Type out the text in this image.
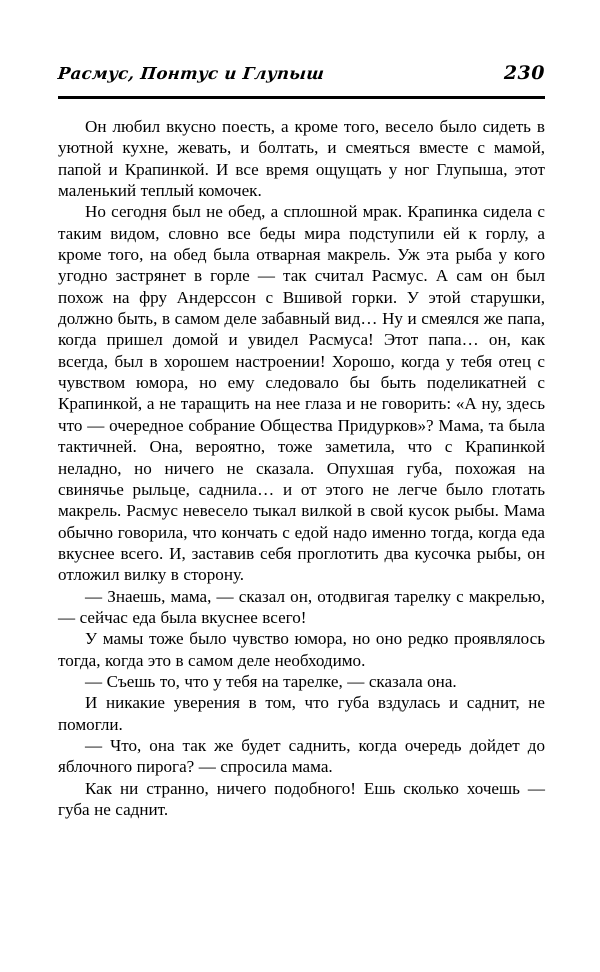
Расмус, Понтус и Глупыш	230

Он любил вкусно поесть, а кроме того, весело было сидеть в уютной кухне, жевать, и болтать, и смеяться вместе с мамой, папой и Крапинкой. И все время ощущать у ног Глупыша, этот маленький теплый комочек.

Но сегодня был не обед, а сплошной мрак. Крапинка сидела с таким видом, словно все беды мира подступили ей к горлу, а кроме того, на обед была отварная макрель. Уж эта рыба у кого угодно застрянет в горле — так считал Расмус. А сам он был похож на фру Андерссон с Вшивой горки. У этой старушки, должно быть, в самом деле забавный вид… Ну и смеялся же папа, когда пришел домой и увидел Расмуса! Этот папа… он, как всегда, был в хорошем настроении! Хорошо, когда у тебя отец с чувством юмора, но ему следовало бы быть поделикатней с Крапинкой, а не таращить на нее глаза и не говорить: «А ну, здесь что — очередное собрание Общества Придурков»? Мама, та была тактичней. Она, вероятно, тоже заметила, что с Крапинкой неладно, но ничего не сказала. Опухшая губа, похожая на свинячье рыльце, саднила… и от этого не легче было глотать макрель. Расмус невесело тыкал вилкой в свой кусок рыбы. Мама обычно говорила, что кончать с едой надо именно тогда, когда еда вкуснее всего. И, заставив себя проглотить два кусочка рыбы, он отложил вилку в сторону.

— Знаешь, мама, — сказал он, отодвигая тарелку с макрелью, — сейчас еда была вкуснее всего!

У мамы тоже было чувство юмора, но оно редко проявлялось тогда, когда это в самом деле необходимо.

— Съешь то, что у тебя на тарелке, — сказала она.

И никакие уверения в том, что губа вздулась и саднит, не помогли.

— Что, она так же будет саднить, когда очередь дойдет до яблочного пирога? — спросила мама.

Как ни странно, ничего подобного! Ешь сколько хочешь — губа не саднит.
